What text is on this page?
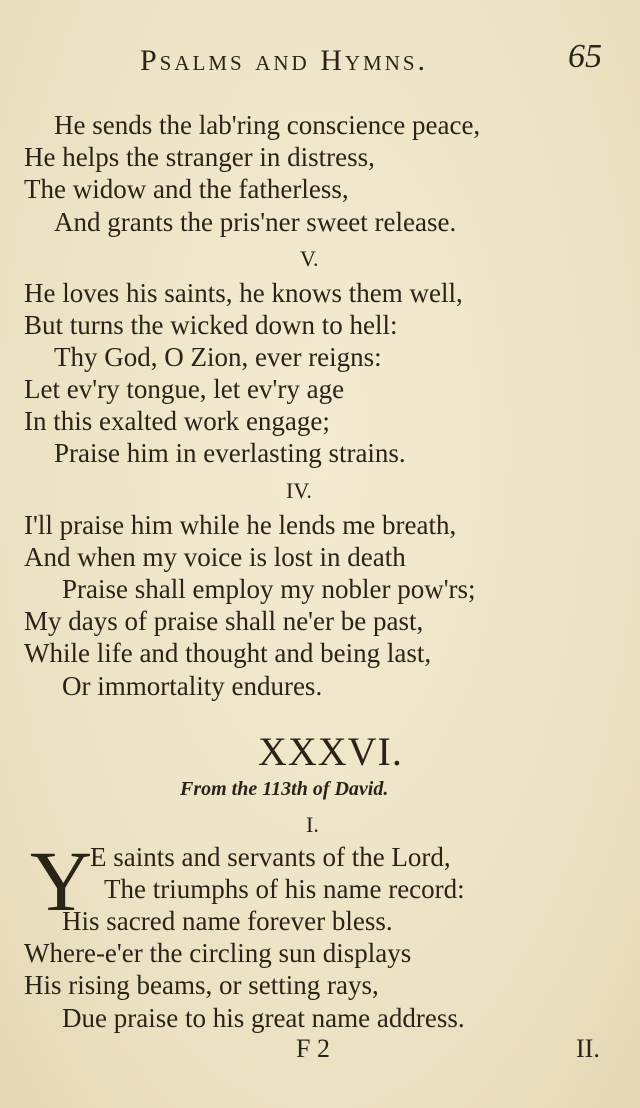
Psalms and Hymns.	65
He sends the lab'ring conscience peace,
He helps the stranger in distress,
The widow and the fatherless,
And grants the pris'ner sweet release.
V.
He loves his saints, he knows them well,
But turns the wicked down to hell:
Thy God, O Zion, ever reigns:
Let ev'ry tongue, let ev'ry age
In this exalted work engage;
Praise him in everlasting strains.
IV.
I'll praise him while he lends me breath,
And when my voice is lost in death
Praise shall employ my nobler pow'rs;
My days of praise shall ne'er be past,
While life and thought and being last,
Or immortality endures.
XXXVI.
From the 113th of David.
I.
Y
E saints and servants of the Lord,
The triumphs of his name record:
His sacred name forever bless.
Where-e'er the circling sun displays
His rising beams, or setting rays,
Due praise to his great name address.
F 2	II.
